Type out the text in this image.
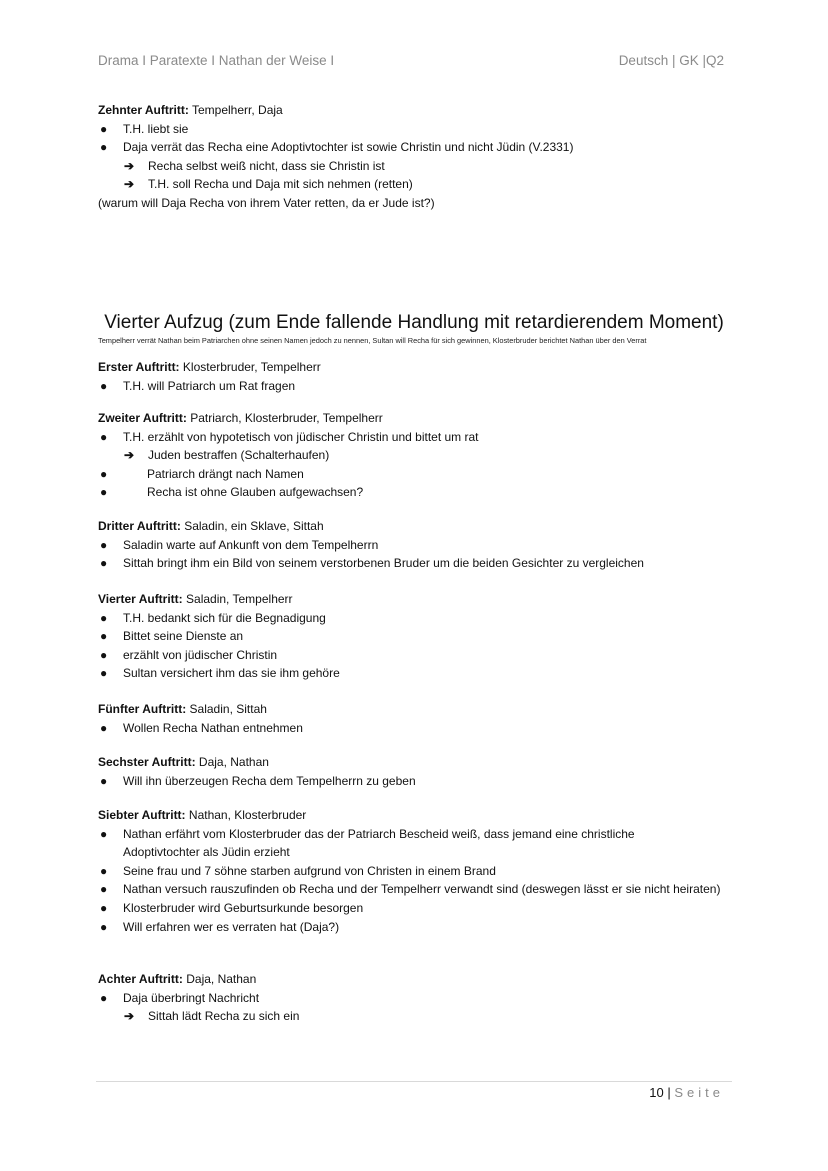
Drama I Paratexte I Nathan der Weise I	Deutsch | GK |Q2
Zehnter Auftritt: Tempelherr, Daja
● T.H. liebt sie
● Daja verrät das Recha eine Adoptivtochter ist sowie Christin und nicht Jüdin (V.2331)
➔ Recha selbst weiß nicht, dass sie Christin ist
➔ T.H. soll Recha und Daja mit sich nehmen (retten)
(warum will Daja Recha von ihrem Vater retten, da er Jude ist?)
Vierter Aufzug (zum Ende fallende Handlung mit retardierendem Moment)
Tempelherr verrät Nathan beim Patriarchen ohne seinen Namen jedoch zu nennen, Sultan will Recha für sich gewinnen, Klosterbruder berichtet Nathan über den Verrat
Erster Auftritt: Klosterbruder, Tempelherr
● T.H. will Patriarch um Rat fragen
Zweiter Auftritt: Patriarch, Klosterbruder, Tempelherr
● T.H. erzählt von hypotetisch von jüdischer Christin und bittet um rat
➔ Juden bestraffen (Schalterhaufen)
●	Patriarch drängt nach Namen
●	Recha ist ohne Glauben aufgewachsen?
Dritter Auftritt: Saladin, ein Sklave, Sittah
● Saladin warte auf Ankunft von dem Tempelherrn
● Sittah bringt ihm ein Bild von seinem verstorbenen Bruder um die beiden Gesichter zu vergleichen
Vierter Auftritt: Saladin, Tempelherr
● T.H. bedankt sich für die Begnadigung
● Bittet seine Dienste an
● erzählt von jüdischer Christin
● Sultan versichert ihm das sie ihm gehöre
Fünfter Auftritt: Saladin, Sittah
● Wollen Recha Nathan entnehmen
Sechster Auftritt: Daja, Nathan
● Will ihn überzeugen Recha dem Tempelherrn zu geben
Siebter Auftritt: Nathan, Klosterbruder
● Nathan erfährt vom Klosterbruder das der Patriarch Bescheid weiß, dass jemand eine christliche Adoptivtochter als Jüdin erzieht
● Seine frau und 7 söhne starben aufgrund von Christen in einem Brand
● Nathan versuch rauszufinden ob Recha und der Tempelherr verwandt sind (deswegen lässt er sie nicht heiraten)
● Klosterbruder wird Geburtsurkunde besorgen
● Will erfahren wer es verraten hat (Daja?)
Achter Auftritt: Daja, Nathan
● Daja überbringt Nachricht
➔ Sittah lädt Recha zu sich ein
10 | Seite
